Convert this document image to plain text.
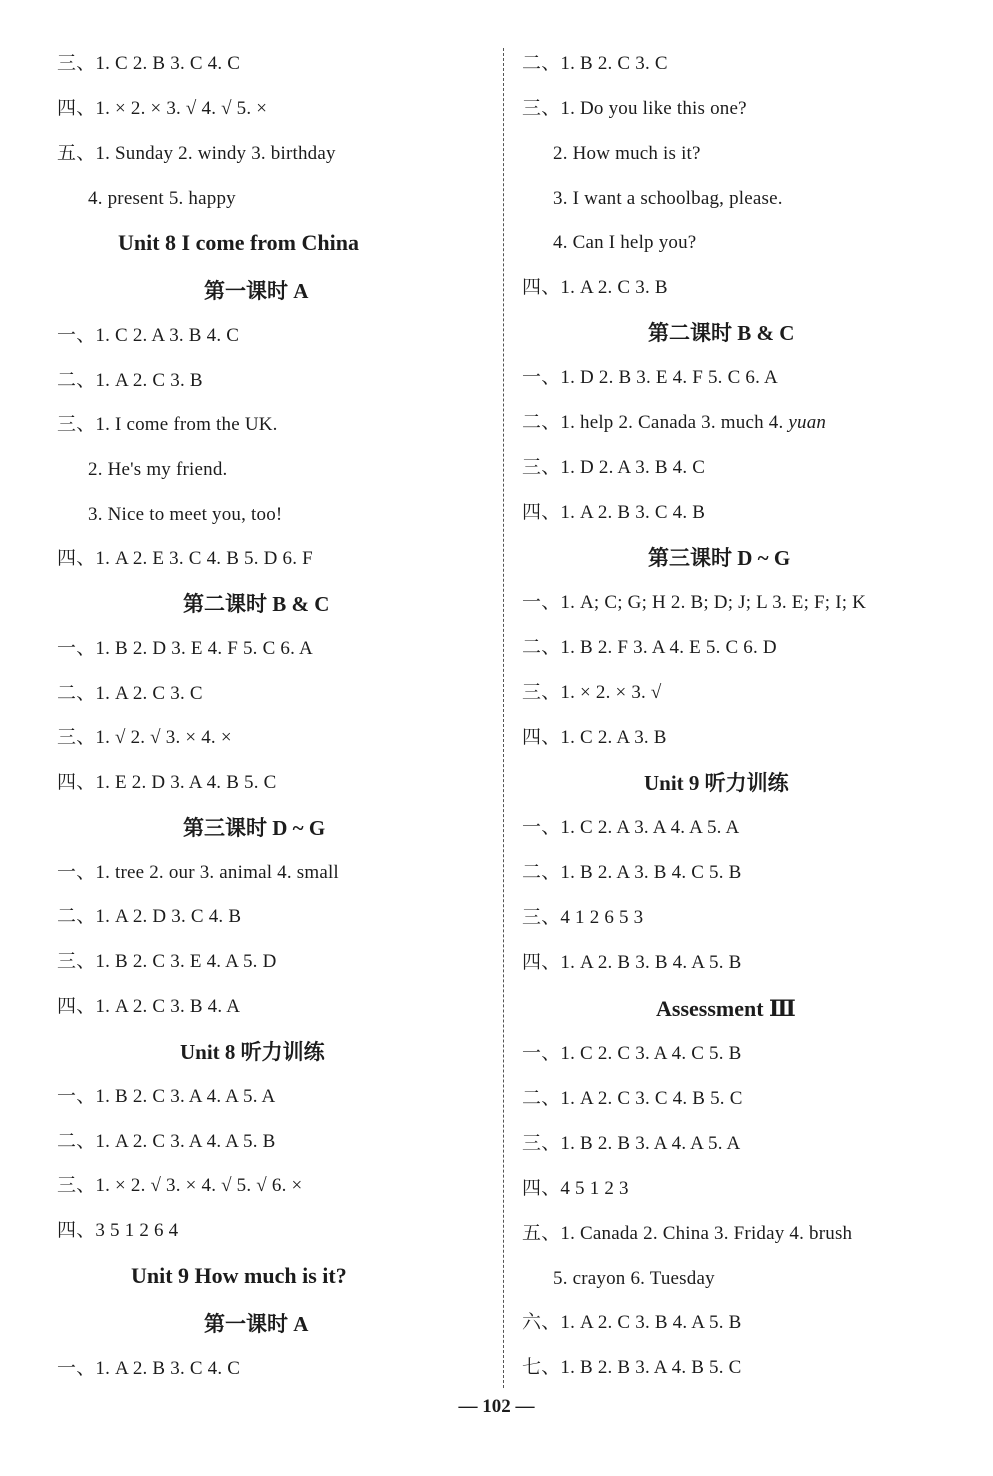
三、1. C 2. B 3. C 4. C
四、1. × 2. × 3. √ 4. √ 5. ×
五、1. Sunday 2. windy 3. birthday
4. present 5. happy
Unit 8 I come from China
第一课时 A
一、1. C 2. A 3. B 4. C
二、1. A 2. C 3. B
三、1. I come from the UK.
2. He's my friend.
3. Nice to meet you, too!
四、1. A 2. E 3. C 4. B 5. D 6. F
第二课时 B & C
一、1. B 2. D 3. E 4. F 5. C 6. A
二、1. A 2. C 3. C
三、1. √ 2. √ 3. × 4. ×
四、1. E 2. D 3. A 4. B 5. C
第三课时 D ~ G
一、1. tree 2. our 3. animal 4. small
二、1. A 2. D 3. C 4. B
三、1. B 2. C 3. E 4. A 5. D
四、1. A 2. C 3. B 4. A
Unit 8 听力训练
一、1. B 2. C 3. A 4. A 5. A
二、1. A 2. C 3. A 4. A 5. B
三、1. × 2. √ 3. × 4. √ 5. √ 6. ×
四、3 5 1 2 6 4
Unit 9 How much is it?
第一课时 A
一、1. A 2. B 3. C 4. C
二、1. B 2. C 3. C
三、1. Do you like this one?
2. How much is it?
3. I want a schoolbag, please.
4. Can I help you?
四、1. A 2. C 3. B
第二课时 B & C
一、1. D 2. B 3. E 4. F 5. C 6. A
二、1. help 2. Canada 3. much 4. yuan
三、1. D 2. A 3. B 4. C
四、1. A 2. B 3. C 4. B
第三课时 D ~ G
一、1. A; C; G; H 2. B; D; J; L 3. E; F; I; K
二、1. B 2. F 3. A 4. E 5. C 6. D
三、1. × 2. × 3. √
四、1. C 2. A 3. B
Unit 9 听力训练
一、1. C 2. A 3. A 4. A 5. A
二、1. B 2. A 3. B 4. C 5. B
三、4 1 2 6 5 3
四、1. A 2. B 3. B 4. A 5. B
Assessment Ⅲ
一、1. C 2. C 3. A 4. C 5. B
二、1. A 2. C 3. C 4. B 5. C
三、1. B 2. B 3. A 4. A 5. A
四、4 5 1 2 3
五、1. Canada 2. China 3. Friday 4. brush
5. crayon 6. Tuesday
六、1. A 2. C 3. B 4. A 5. B
七、1. B 2. B 3. A 4. B 5. C
— 102 —
